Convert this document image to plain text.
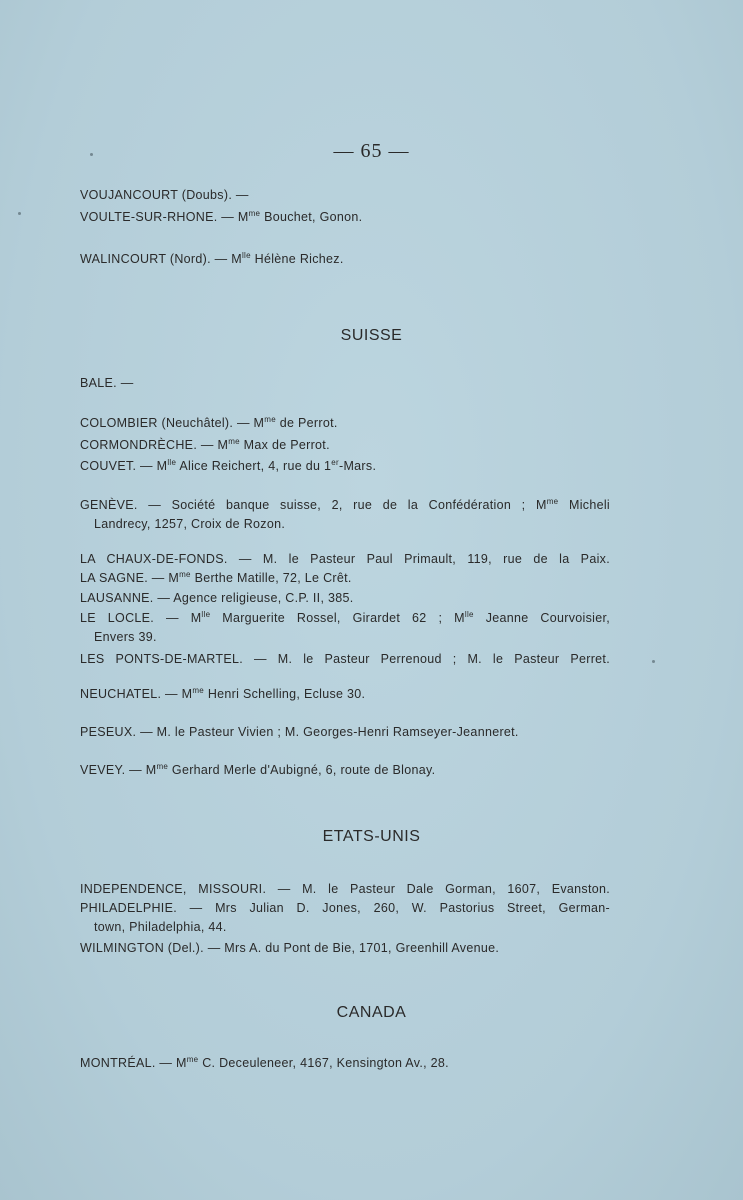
— 65 —
VOUJANCOURT (Doubs). —
VOULTE-SUR-RHONE. — $M^{me}$ Bouchet, Gonon.
WALINCOURT (Nord). — $M^{lle}$ Hélène Richez.
SUISSE
BALE. —
COLOMBIER (Neuchâtel). — $M^{me}$ de Perrot.
CORMONDRÈCHE. — $M^{me}$ Max de Perrot.
COUVET. — $M^{lle}$ Alice Reichert, 4, rue du 1er-Mars.
GENÈVE. — Société banque suisse, 2, rue de la Confédération ; $M^{me}$ Micheli
Landrecy, 1257, Croix de Rozon.
LA CHAUX-DE-FONDS. — M. le Pasteur Paul Primault, 119, rue de la Paix.
LA SAGNE. — $M^{me}$ Berthe Matille, 72, Le Crêt.
LAUSANNE. — Agence religieuse, C.P. II, 385.
LE LOCLE. — $M^{lle}$ Marguerite Rossel, Girardet 62 ; $M^{lle}$ Jeanne Courvoisier,
Envers 39.
LES PONTS-DE-MARTEL. — M. le Pasteur Perrenoud ; M. le Pasteur Perret.
NEUCHATEL. — $M^{me}$ Henri Schelling, Ecluse 30.
PESEUX. — M. le Pasteur Vivien ; M. Georges-Henri Ramseyer-Jeanneret.
VEVEY. — $M^{me}$ Gerhard Merle d'Aubigné, 6, route de Blonay.
ETATS-UNIS
INDEPENDENCE, MISSOURI. — M. le Pasteur Dale Gorman, 1607, Evanston.
PHILADELPHIE. — Mrs Julian D. Jones, 260, W. Pastorius Street, German-
town, Philadelphia, 44.
WILMINGTON (Del.). — Mrs A. du Pont de Bie, 1701, Greenhill Avenue.
CANADA
MONTRÉAL. — $M^{me}$ C. Deceuleneer, 4167, Kensington Av., 28.
